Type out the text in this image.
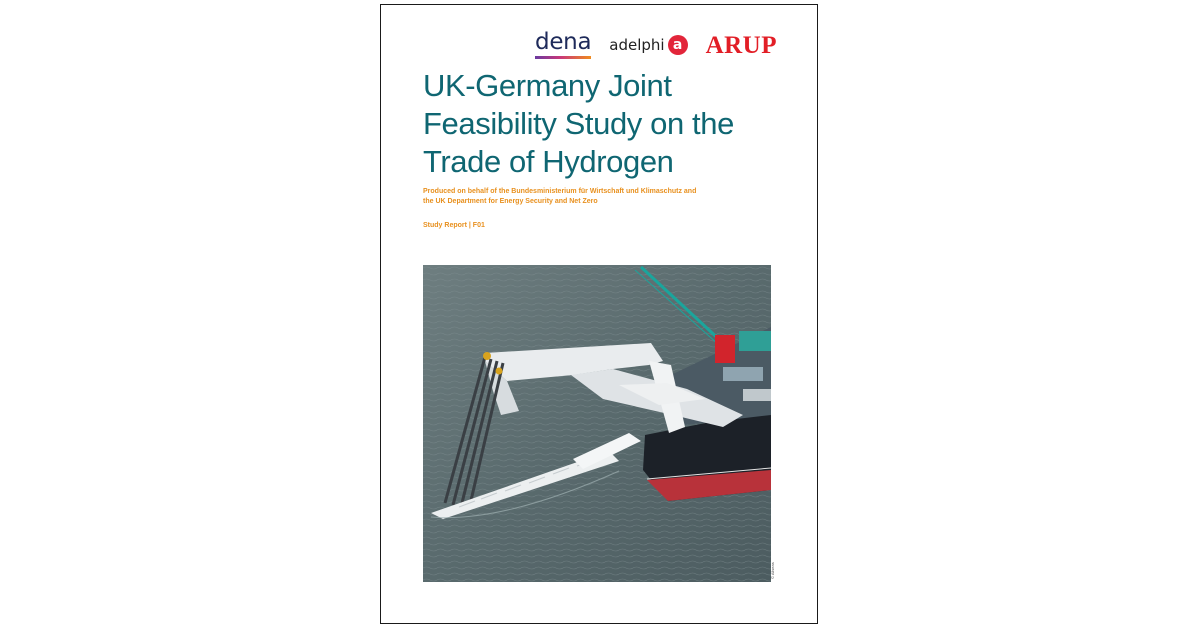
dena adelphi a ARUP
UK-Germany Joint
Feasibility Study on the
Trade of Hydrogen
Produced on behalf of the Bundesministerium für Wirtschaft und Klimaschutz and
the UK Department for Energy Security and Net Zero
Study Report | F01
© Allseas
